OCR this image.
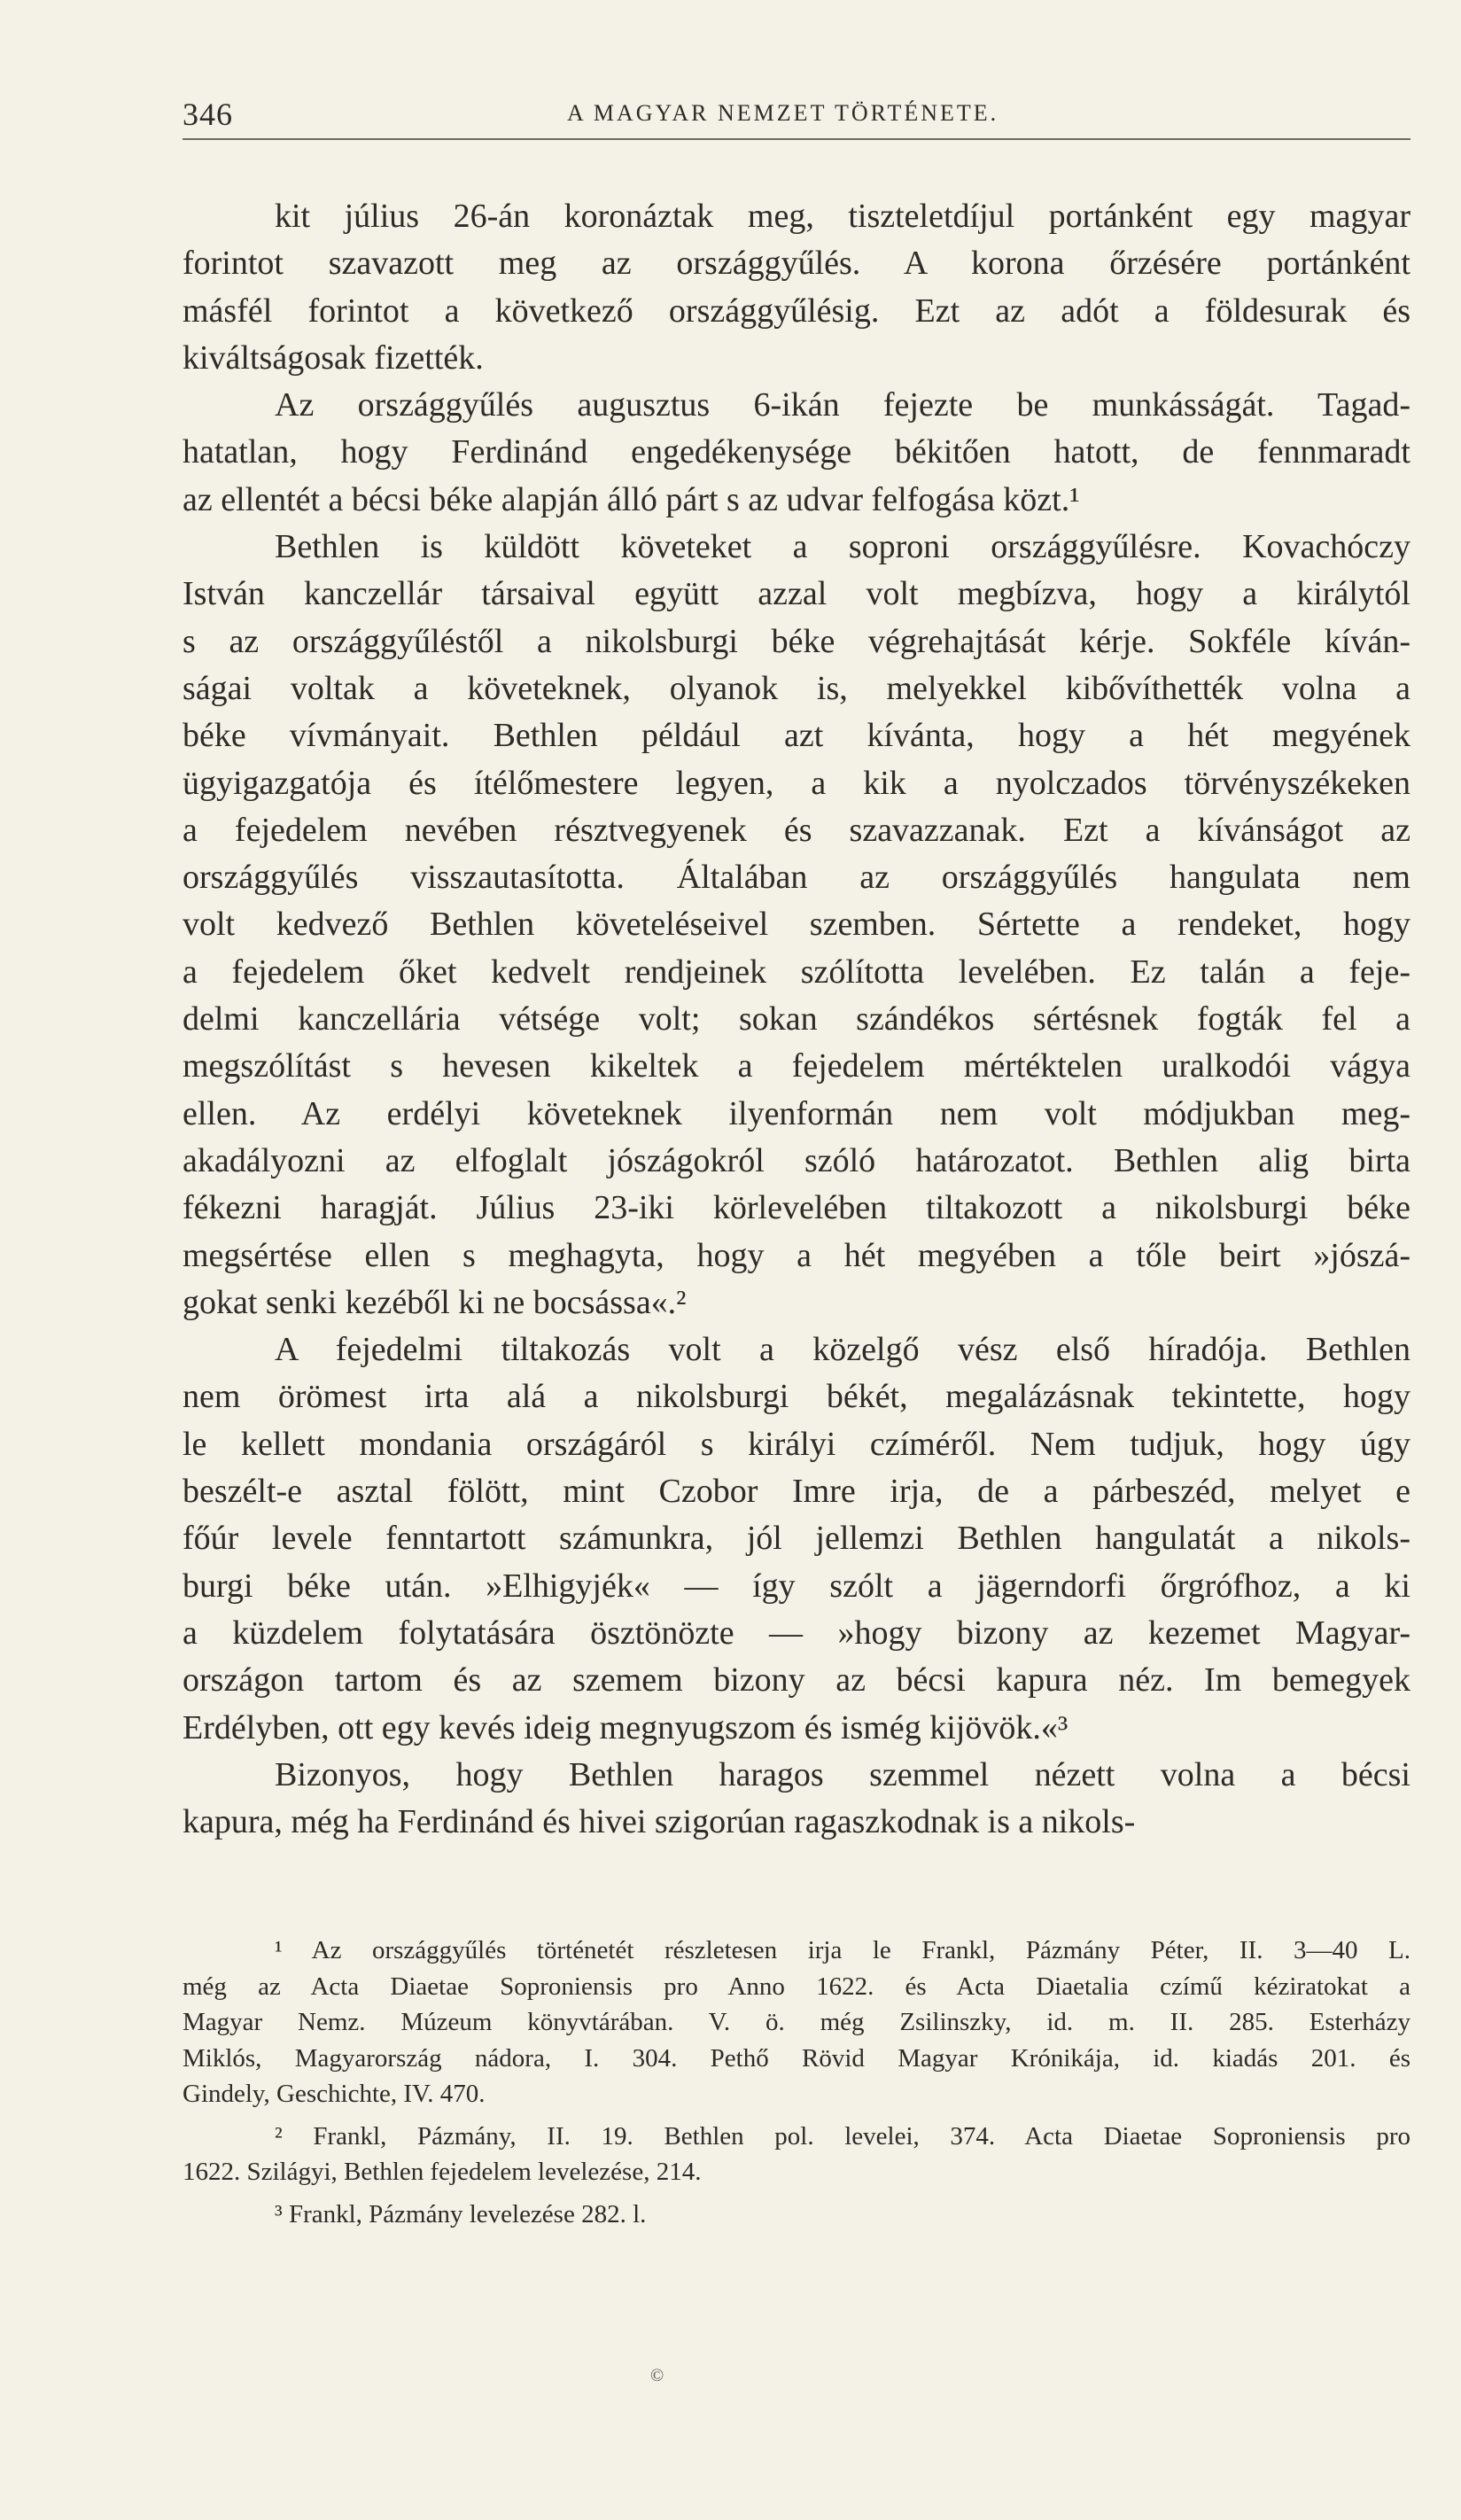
346	A MAGYAR NEMZET TÖRTÉNETE.

kit július 26-án koronáztak meg, tiszteletdíjul portánként egy magyar
forintot szavazott meg az országgyűlés. A korona őrzésére portánként
másfél forintot a következő országgyűlésig. Ezt az adót a földesurak és
kiváltságosak fizették.

Az országgyűlés augusztus 6-ikán fejezte be munkásságát. Tagad-
hatatlan, hogy Ferdinánd engedékenysége békitően hatott, de fennmaradt
az ellentét a bécsi béke alapján álló párt s az udvar felfogása közt.¹

Bethlen is küldött követeket a soproni országgyűlésre. Kovachóczy
István kanczellár társaival együtt azzal volt megbízva, hogy a királytól
s az országgyűléstől a nikolsburgi béke végrehajtását kérje. Sokféle kíván-
ságai voltak a követeknek, olyanok is, melyekkel kibővíthették volna a
béke vívmányait. Bethlen például azt kívánta, hogy a hét megyének
ügyigazgatója és ítélőmestere legyen, a kik a nyolczados törvényszékeken
a fejedelem nevében résztvegyenek és szavazzanak. Ezt a kívánságot az
országgyűlés visszautasította. Általában az országgyűlés hangulata nem
volt kedvező Bethlen követeléseivel szemben. Sértette a rendeket, hogy
a fejedelem őket kedvelt rendjeinek szólította levelében. Ez talán a feje-
delmi kanczellária vétsége volt; sokan szándékos sértésnek fogták fel a
megszólítást s hevesen kikeltek a fejedelem mértéktelen uralkodói vágya
ellen. Az erdélyi követeknek ilyenformán nem volt módjukban meg-
akadályozni az elfoglalt jószágokról szóló határozatot. Bethlen alig birta
fékezni haragját. Július 23-iki körlevelében tiltakozott a nikolsburgi béke
megsértése ellen s meghagyta, hogy a hét megyében a tőle beirt »jószá-
gokat senki kezéből ki ne bocsássa«.²

A fejedelmi tiltakozás volt a közelgő vész első híradója. Bethlen
nem örömest irta alá a nikolsburgi békét, megalázásnak tekintette, hogy
le kellett mondania országáról s királyi czíméről. Nem tudjuk, hogy úgy
beszélt-e asztal fölött, mint Czobor Imre irja, de a párbeszéd, melyet e
főúr levele fenntartott számunkra, jól jellemzi Bethlen hangulatát a nikols-
burgi béke után. »Elhigyjék« — így szólt a jägerndorfi őrgrófhoz, a ki
a küzdelem folytatására ösztönözte — »hogy bizony az kezemet Magyar-
országon tartom és az szemem bizony az bécsi kapura néz. Im bemegyek
Erdélyben, ott egy kevés ideig megnyugszom és ismég kijövök.«³

Bizonyos, hogy Bethlen haragos szemmel nézett volna a bécsi
kapura, még ha Ferdinánd és hivei szigorúan ragaszkodnak is a nikols-

¹ Az országgyűlés történetét részletesen irja le Frankl, Pázmány Péter, II. 3—40 L.
még az Acta Diaetae Soproniensis pro Anno 1622. és Acta Diaetalia czímű kéziratokat a
Magyar Nemz. Múzeum könyvtárában. V. ö. még Zsilinszky, id. m. II. 285. Esterházy
Miklós, Magyarország nádora, I. 304. Pethő Rövid Magyar Krónikája, id. kiadás 201. és
Gindely, Geschichte, IV. 470.

² Frankl, Pázmány, II. 19. Bethlen pol. levelei, 374. Acta Diaetae Soproniensis pro
1622. Szilágyi, Bethlen fejedelem levelezése, 214.

³ Frankl, Pázmány levelezése 282. l.

©
